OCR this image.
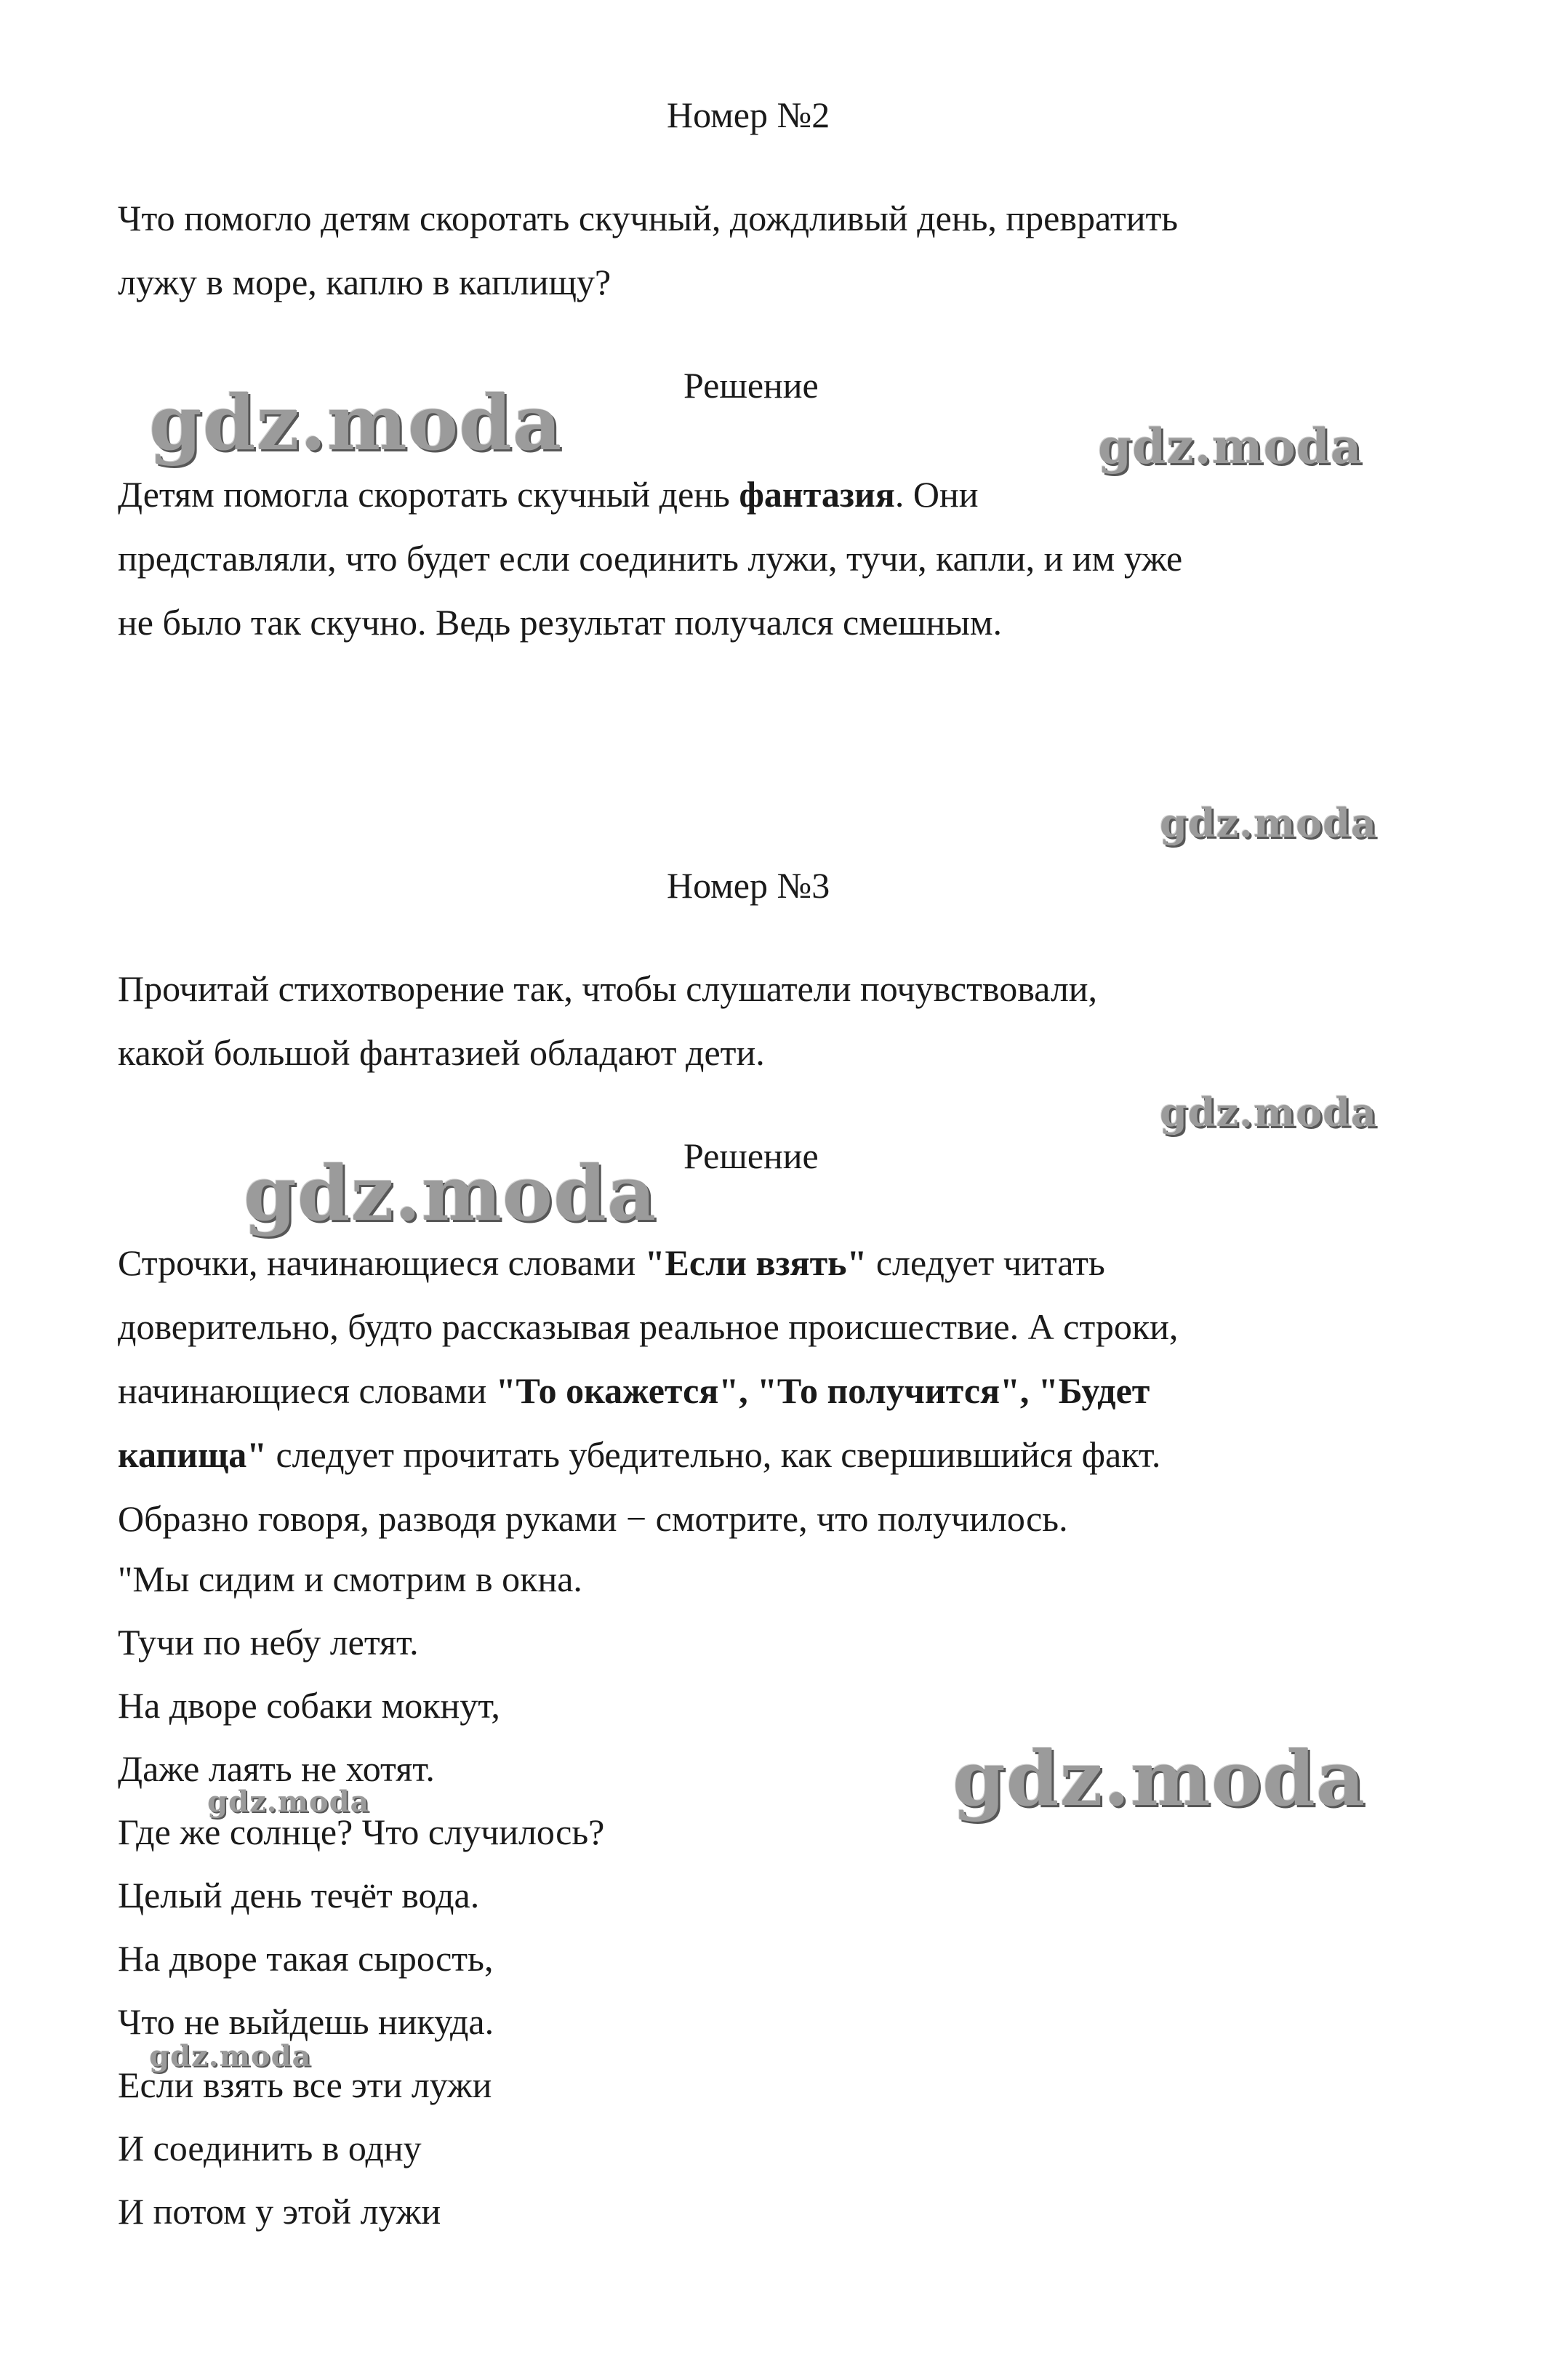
Номер №2

Что помогло детям скоротать скучный, дождливый день, превратить

лужу в море, каплю в каплищу?

Решение

Детям помогла скоротать скучный день фантазия. Они

представляли, что будет если соединить лужи, тучи, капли, и им уже

не было так скучно. Ведь результат получался смешным.

Номер №3

Прочитай стихотворение так, чтобы слушатели почувствовали,

какой большой фантазией обладают дети.

Решение

Строчки, начинающиеся словами "Если взять" следует читать

доверительно, будто рассказывая реальное происшествие. А строки,

начинающиеся словами "То окажется", "То получится", "Будет

капища" следует прочитать убедительно, как свершившийся факт.

Образно говоря, разводя руками − смотрите, что получилось.

"Мы сидим и смотрим в окна.
Тучи по небу летят.
На дворе собаки мокнут,
Даже лаять не хотят.
Где же солнце? Что случилось?
Целый день течёт вода.
На дворе такая сырость,
Что не выйдешь никуда.
Если взять все эти лужи
И соединить в одну
И потом у этой лужи
gdz.moda	gdz.moda
gdz.moda
gdz.moda
gdz.moda
gdz.moda
gdz.moda
gdz.moda
